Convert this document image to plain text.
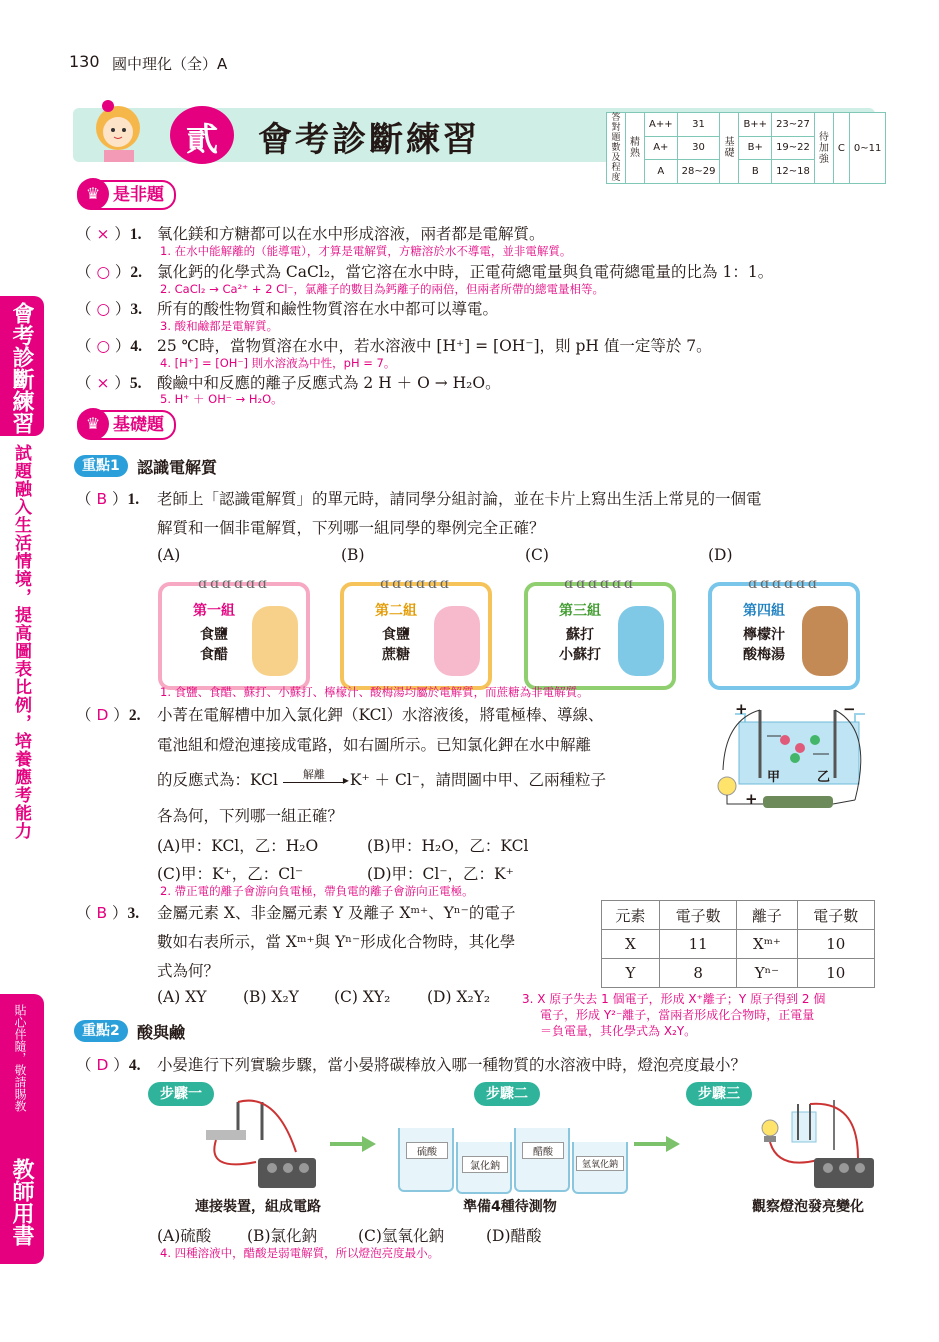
130 國中理化（全）A
貳 會考診斷練習
答對題數及程度	精熟	A++	31	基礎	B++	23~27	待加強	C	0~11
		A+	30		B+	19~22			
		A	28~29		B	12~18			
會考診斷練習
試題融入生活情境，提高圖表比例，培養應考能力
貼心伴隨，敬請賜教
教師用書
♛ 是非題
（ × ）1. 氧化鎂和方糖都可以在水中形成溶液，兩者都是電解質。
1. 在水中能解離的（能導電），才算是電解質，方糖溶於水不導電，並非電解質。
（ ○ ）2. 氯化鈣的化學式為 CaCl₂，當它溶在水中時，正電荷總電量與負電荷總電量的比為 1：1。
2. CaCl₂ → Ca²⁺ + 2 Cl⁻，氯離子的數目為鈣離子的兩倍，但兩者所帶的總電量相等。
（ ○ ）3. 所有的酸性物質和鹼性物質溶在水中都可以導電。
3. 酸和鹼都是電解質。
（ ○ ）4. 25 ℃時，當物質溶在水中，若水溶液中 [H⁺] = [OH⁻]，則 pH 值一定等於 7。
4. [H⁺] = [OH⁻] 則水溶液為中性，pH = 7。
（ × ）5. 酸鹼中和反應的離子反應式為 2 H ＋ O → H₂O。
5. H⁺ ＋ OH⁻ → H₂O。
♛ 基礎題
重點1	認識電解質
（ B ）1. 老師上「認識電解質」的單元時，請同學分組討論，並在卡片上寫出生活上常見的一個電
解質和一個非電解質，下列哪一組同學的舉例完全正確？
(A)	(B)	(C)	(D)
ɑɑɑɑɑɑ
第一組
食鹽
食醋
ɑɑɑɑɑɑ
第二組
食鹽
蔗糖
ɑɑɑɑɑɑ
第三組
蘇打
小蘇打
ɑɑɑɑɑɑ
第四組
檸檬汁
酸梅湯
1. 食鹽、食醋、蘇打、小蘇打、檸檬汁、酸梅湯均屬於電解質，而蔗糖為非電解質。
（ D ）2. 小菁在電解槽中加入氯化鉀（KCl）水溶液後，將電極棒、導線、
電池組和燈泡連接成電路，如右圖所示。已知氯化鉀在水中解離
的反應式為：KCl	解離	▸ K⁺ ＋ Cl⁻，請問圖中甲、乙兩種粒子
各為何，下列哪一組正確？
(A)甲：KCl，乙：H₂O	(B)甲：H₂O，乙：KCl
(C)甲：K⁺，乙：Cl⁻	(D)甲：Cl⁻，乙：K⁺
2. 帶正電的離子會游向負電極，帶負電的離子會游向正電極。
+	−
甲	乙
+
（ B ）3. 金屬元素 X、非金屬元素 Y 及離子 Xᵐ⁺、Yⁿ⁻的電子
數如右表所示，當 Xᵐ⁺與 Yⁿ⁻形成化合物時，其化學
式為何？
(A) XY (B) X₂Y (C) XY₂ (D) X₂Y₂
元素	電子數	離子	電子數
X	11	Xᵐ⁺	10
Y	8	Yⁿ⁻	10
3. X 原子失去 1 個電子，形成 X⁺離子；Y 原子得到 2 個
電子，形成 Y²⁻離子，當兩者形成化合物時，正電量
＝負電量，其化學式為 X₂Y。
重點2	酸與鹼
（ D ）4. 小晏進行下列實驗步驟，當小晏將碳棒放入哪一種物質的水溶液中時，燈泡亮度最小？
步驟一	步驟二	步驟三
連接裝置，組成電路
硫酸
氯化鈉
醋酸
氫氧化鈉
準備4種待測物	觀察燈泡發亮變化
(A)硫酸 (B)氯化鈉	(C)氫氧化鈉	(D)醋酸
4. 四種溶液中，醋酸是弱電解質，所以燈泡亮度最小。
